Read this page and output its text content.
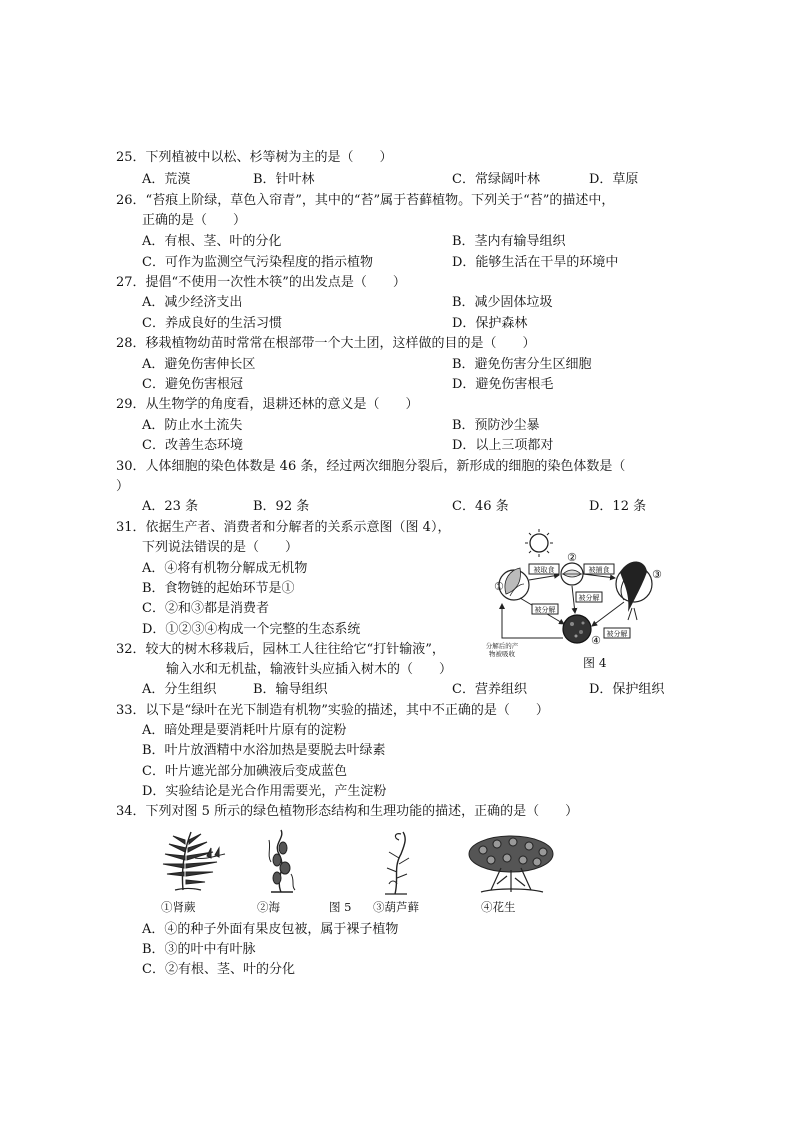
25．下列植被中以松、杉等树为主的是（　　）
A．荒漠	B．针叶林	C．常绿阔叶林	D．草原
26．“苔痕上阶绿，草色入帘青”，其中的“苔”属于苔藓植物。下列关于“苔”的描述中，
正确的是（　　）
A．有根、茎、叶的分化	B．茎内有输导组织
C．可作为监测空气污染程度的指示植物	D．能够生活在干旱的环境中
27．提倡“不使用一次性木筷”的出发点是（　　）
A．减少经济支出	B．减少固体垃圾
C．养成良好的生活习惯	D．保护森林
28．移栽植物幼苗时常常在根部带一个大土团，这样做的目的是（　　）
A．避免伤害伸长区	B．避免伤害分生区细胞
C．避免伤害根冠	D．避免伤害根毛
29．从生物学的角度看，退耕还林的意义是（　　）
A．防止水土流失	B．预防沙尘暴
C．改善生态环境	D．以上三项都对
30．人体细胞的染色体数是 46 条，经过两次细胞分裂后，新形成的细胞的染色体数是（
）
A．23 条	B．92 条	C．46 条	D．12 条
31．依据生产者、消费者和分解者的关系示意图（图 4），
下列说法错误的是（　　）
A．④将有机物分解成无机物
B．食物链的起始环节是①
C．②和③都是消费者
D．①②③④构成一个完整的生态系统
被取食	被捕食
被分解
被分解
被分解
分解后的产
物被吸收
①
②
③
④
图 4
32．较大的树木移栽后，园林工人往往给它“打针输液”，
输入水和无机盐，输液针头应插入树木的（　　）
A．分生组织	B．输导组织	C．营养组织	D．保护组织
33．以下是“绿叶在光下制造有机物”实验的描述，其中不正确的是（　　）
A．暗处理是要消耗叶片原有的淀粉
B．叶片放酒精中水浴加热是要脱去叶绿素
C．叶片遮光部分加碘液后变成蓝色
D．实验结论是光合作用需要光，产生淀粉
34．下列对图 5 所示的绿色植物形态结构和生理功能的描述，正确的是（　　）
①肾蕨	②海	图 5 ③葫芦藓	④花生
A．④的种子外面有果皮包被，属于裸子植物
B．③的叶中有叶脉
C．②有根、茎、叶的分化
